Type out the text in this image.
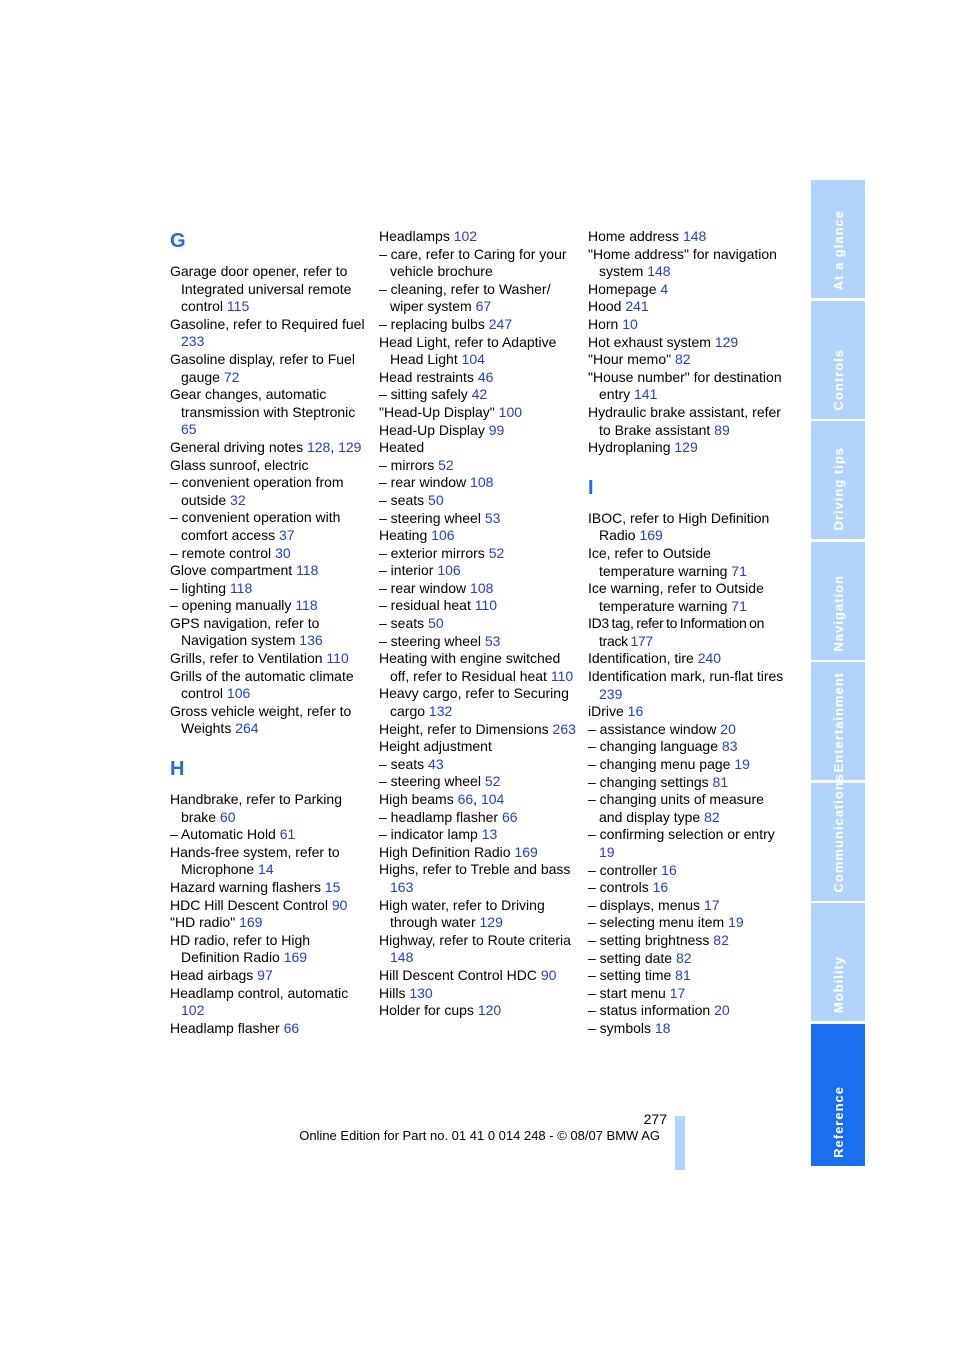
G
Garage door opener, refer to Integrated universal remote control 115
Gasoline, refer to Required fuel 233
Gasoline display, refer to Fuel gauge 72
Gear changes, automatic transmission with Steptronic 65
General driving notes 128, 129
Glass sunroof, electric
– convenient operation from outside 32
– convenient operation with comfort access 37
– remote control 30
Glove compartment 118
– lighting 118
– opening manually 118
GPS navigation, refer to Navigation system 136
Grills, refer to Ventilation 110
Grills of the automatic climate control 106
Gross vehicle weight, refer to Weights 264
H
Handbrake, refer to Parking brake 60
– Automatic Hold 61
Hands-free system, refer to Microphone 14
Hazard warning flashers 15
HDC Hill Descent Control 90
"HD radio" 169
HD radio, refer to High Definition Radio 169
Head airbags 97
Headlamp control, automatic 102
Headlamp flasher 66
Headlamps 102
– care, refer to Caring for your vehicle brochure
– cleaning, refer to Washer/ wiper system 67
– replacing bulbs 247
Head Light, refer to Adaptive Head Light 104
Head restraints 46
– sitting safely 42
"Head-Up Display" 100
Head-Up Display 99
Heated
– mirrors 52
– rear window 108
– seats 50
– steering wheel 53
Heating 106
– exterior mirrors 52
– interior 106
– rear window 108
– residual heat 110
– seats 50
– steering wheel 53
Heating with engine switched off, refer to Residual heat 110
Heavy cargo, refer to Securing cargo 132
Height, refer to Dimensions 263
Height adjustment
– seats 43
– steering wheel 52
High beams 66, 104
– headlamp flasher 66
– indicator lamp 13
High Definition Radio 169
Highs, refer to Treble and bass 163
High water, refer to Driving through water 129
Highway, refer to Route criteria 148
Hill Descent Control HDC 90
Hills 130
Holder for cups 120
Home address 148
"Home address" for navigation system 148
Homepage 4
Hood 241
Horn 10
Hot exhaust system 129
"Hour memo" 82
"House number" for destination entry 141
Hydraulic brake assistant, refer to Brake assistant 89
Hydroplaning 129
I
IBOC, refer to High Definition Radio 169
Ice, refer to Outside temperature warning 71
Ice warning, refer to Outside temperature warning 71
ID3 tag, refer to Information on track 177
Identification, tire 240
Identification mark, run-flat tires 239
iDrive 16
– assistance window 20
– changing language 83
– changing menu page 19
– changing settings 81
– changing units of measure and display type 82
– confirming selection or entry 19
– controller 16
– controls 16
– displays, menus 17
– selecting menu item 19
– setting brightness 82
– setting date 82
– setting time 81
– start menu 17
– status information 20
– symbols 18
At a glance
Controls
Driving tips
Navigation
Entertainment
Communications
Mobility
Reference
277
Online Edition for Part no. 01 41 0 014 248 - © 08/07 BMW AG
